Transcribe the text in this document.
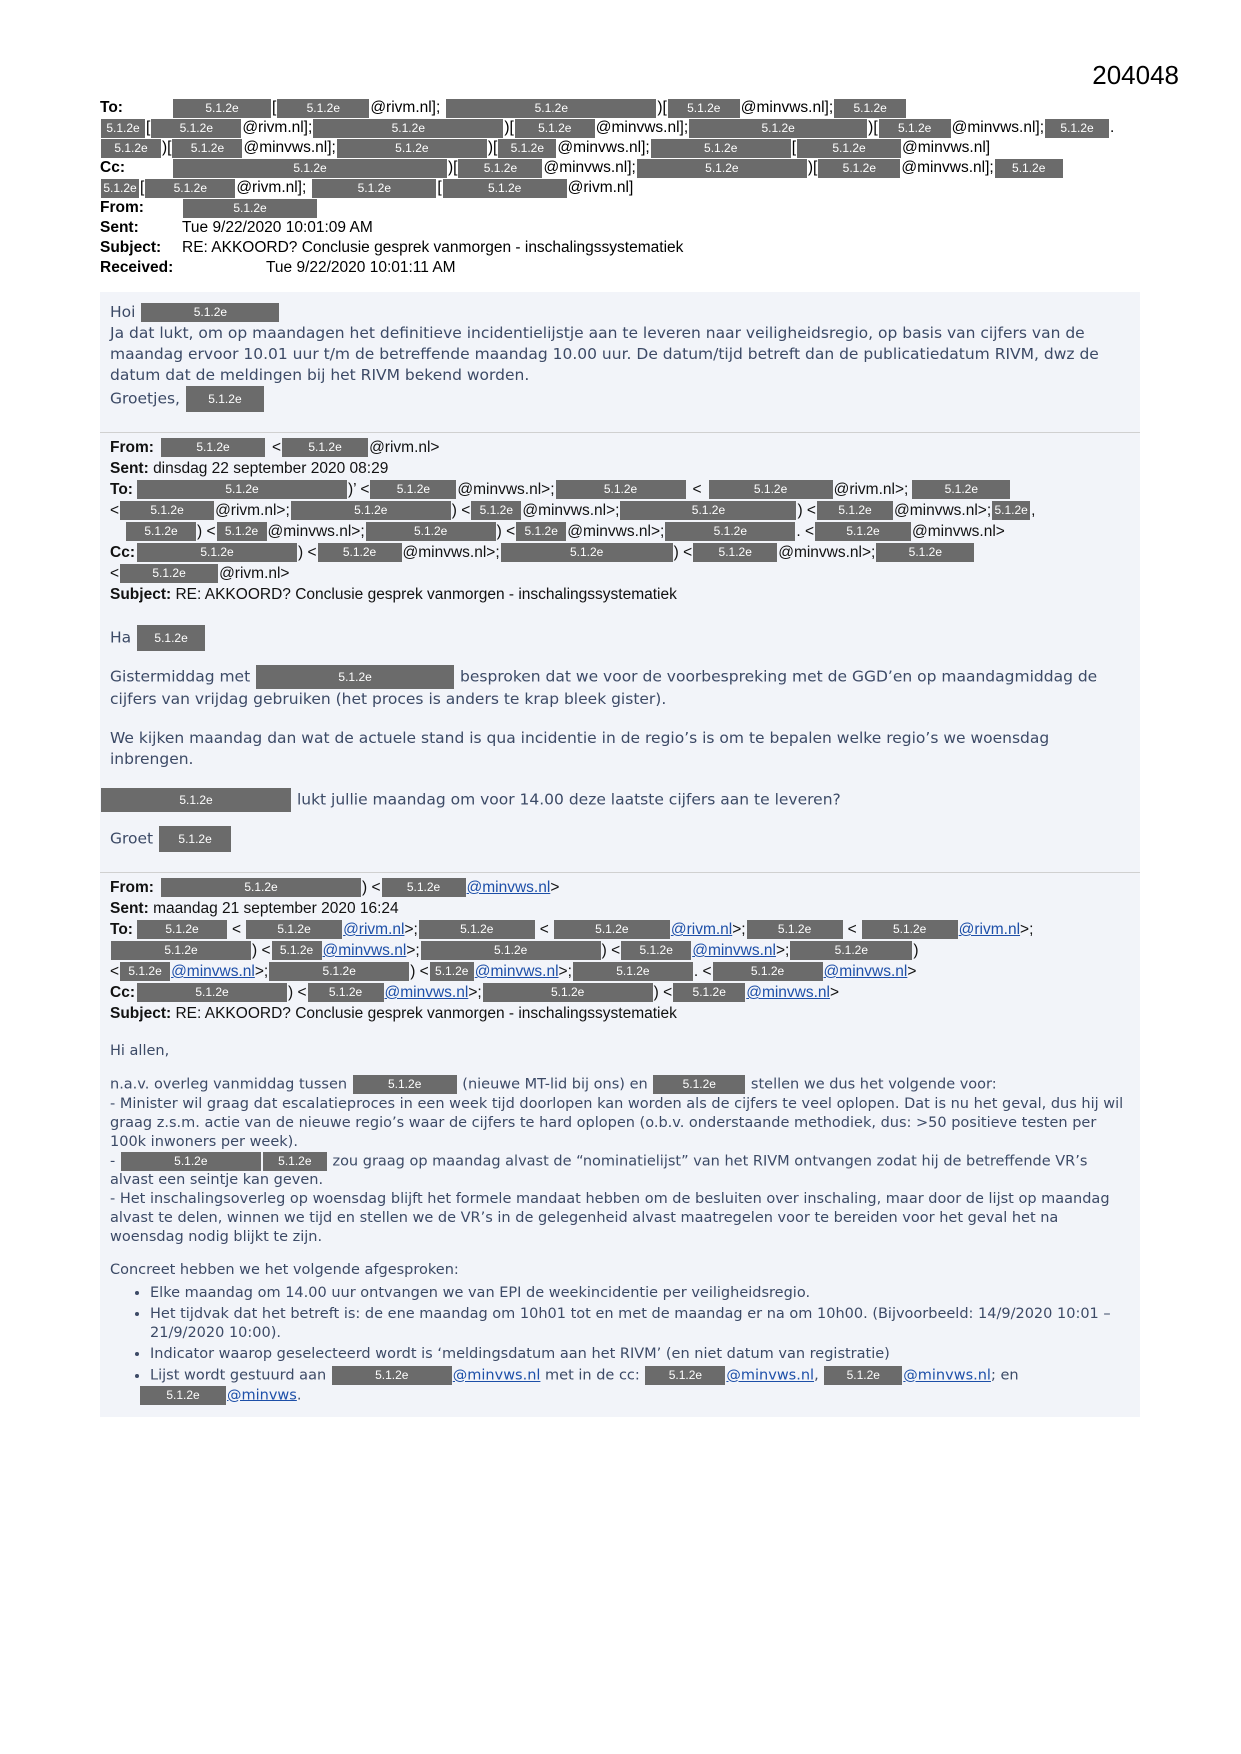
204048
To:	5.1.2e	[	5.1.2e	@rivm.nl];	5.1.2e	)[	5.1.2e	@minvws.nl];	5.1.2e
5.1.2e [	5.1.2e	@rivm.nl];	5.1.2e	)[	5.1.2e	@minvws.nl];	5.1.2e	)[	5.1.2e	@minvws.nl];	5.1.2e	.
5.1.2e )[	5.1.2e	@minvws.nl];	5.1.2e	)[	5.1.2e @minvws.nl];	5.1.2e	[	5.1.2e	@minvws.nl]
Cc:	5.1.2e	)[	5.1.2e	@minvws.nl];	5.1.2e	)[	5.1.2e	@minvws.nl];	5.1.2e
5.1.2e [	5.1.2e	@rivm.nl];	5.1.2e	[	5.1.2e	@rivm.nl]
From:	5.1.2e
Sent:	Tue 9/22/2020 10:01:09 AM
Subject:	RE: AKKOORD? Conclusie gesprek vanmorgen - inschalingssystematiek
Received:	Tue 9/22/2020 10:01:11 AM

Hoi	5.1.2e

Ja dat lukt, om op maandagen het definitieve incidentielijstje aan te leveren naar veiligheidsregio, op basis van cijfers van de maandag ervoor 10.01 uur t/m de betreffende maandag 10.00 uur. De datum/tijd betreft dan de publicatiedatum RIVM, dwz de datum dat de meldingen bij het RIVM bekend worden.

Groetjes, 5.1.2e

From:	5.1.2e	<	5.1.2e	@rivm.nl>
Sent:
dinsdag 22 september 2020 08:29
To:	5.1.2e	)’ <	5.1.2e	@minvws.nl>;	5.1.2e	<	5.1.2e	@rivm.nl>;	5.1.2e
<	5.1.2e	@rivm.nl>;	5.1.2e	) < 5.1.2e @minvws.nl>;	5.1.2e	) <	5.1.2e	@minvws.nl>; 5.1.2e ,
5.1.2e	) < 5.1.2e @minvws.nl>;	5.1.2e	) < 5.1.2e @minvws.nl>;	5.1.2e	. <	5.1.2e	@minvws.nl>
Cc:	5.1.2e	) <	5.1.2e	@minvws.nl>;	5.1.2e	) <	5.1.2e	@minvws.nl>;	5.1.2e
<	5.1.2e	@rivm.nl>
Subject:
RE: AKKOORD? Conclusie gesprek vanmorgen - inschalingssystematiek

Ha 5.1.2e

Gistermiddag met	5.1.2e	besproken dat we voor de voorbespreking met de GGD’en op maandagmiddag de cijfers van vrijdag gebruiken (het proces is anders te krap bleek gister).

We kijken maandag dan wat de actuele stand is qua incidentie in de regio’s is om te bepalen welke regio’s we woensdag inbrengen.

5.1.2e	lukt jullie maandag om voor 14.00 deze laatste cijfers aan te leveren?

Groet 5.1.2e

From:	5.1.2e	) <	5.1.2e	@minvws.nl >
Sent:
maandag 21 september 2020 16:24
To:	5.1.2e	<	5.1.2e	@rivm.nl >;	5.1.2e	<	5.1.2e	@rivm.nl >;	5.1.2e	<	5.1.2e	@rivm.nl >;
5.1.2e	) < 5.1.2e @minvws.nl >;	5.1.2e	) <	5.1.2e	@minvws.nl >;	5.1.2e	)
< 5.1.2e @minvws.nl >;	5.1.2e	) < 5.1.2e @minvws.nl >;	5.1.2e	. <	5.1.2e	@minvws.nl >
Cc:	5.1.2e	) <	5.1.2e	@minvws.nl >;	5.1.2e	) <	5.1.2e	@minvws.nl >
Subject:
RE: AKKOORD? Conclusie gesprek vanmorgen - inschalingssystematiek

Hi allen,

n.a.v. overleg vanmiddag tussen	5.1.2e	(nieuwe MT-lid bij ons) en	5.1.2e stellen we dus het volgende voor:

- Minister wil graag dat escalatieproces in een week tijd doorlopen kan worden als de cijfers te veel oplopen. Dat is nu het geval, dus hij wil graag z.s.m. actie van de nieuwe regio’s waar de cijfers te hard oplopen (o.b.v. onderstaande methodiek, dus: >50 positieve testen per 100k inwoners per week).

-	5.1.2e	5.1.2e zou graag op maandag alvast de “nominatielijst” van het RIVM ontvangen zodat hij de betreffende VR’s alvast een seintje kan geven.

- Het inschalingsoverleg op woensdag blijft het formele mandaat hebben om de besluiten over inschaling, maar door de lijst op maandag alvast te delen, winnen we tijd en stellen we de VR’s in de gelegenheid alvast maatregelen voor te bereiden voor het geval het na woensdag nodig blijkt te zijn.

Concreet hebben we het volgende afgesproken:

• Elke maandag om 14.00 uur ontvangen we van EPI de weekincidentie per veiligheidsregio.
• Het tijdvak dat het betreft is: de ene maandag om 10h01 tot en met de maandag er na om 10h00. (Bijvoorbeeld: 14/9/2020 10:01 – 21/9/2020 10:00).
• Indicator waarop geselecteerd wordt is ‘meldingsdatum aan het RIVM’ (en niet datum van registratie)
• Lijst wordt gestuurd aan	5.1.2e	@minvws.nl met in de cc: 5.1.2e @minvws.nl, 5.1.2e @minvws.nl; en
5.1.2e @minvws.
